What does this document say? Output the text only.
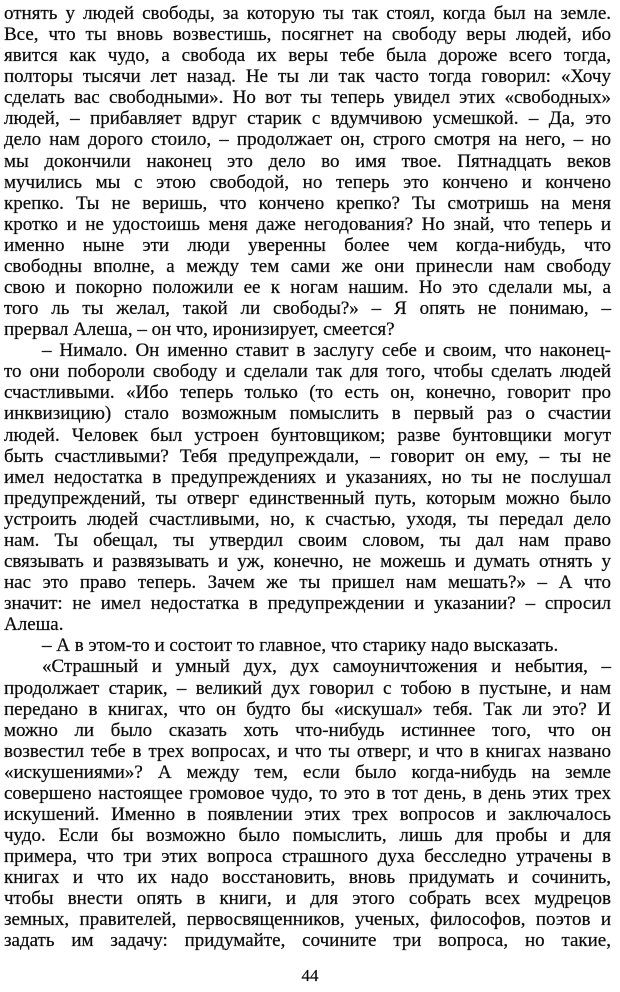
отнять у людей свободы, за которую ты так стоял, когда был на земле.
Все, что ты вновь возвестишь, посягнет на свободу веры людей, ибо
явится как чудо, а свобода их веры тебе была дороже всего тогда,
полторы тысячи лет назад. Не ты ли так часто тогда говорил: «Хочу
сделать вас свободными». Но вот ты теперь увидел этих «свободных»
людей, – прибавляет вдруг старик с вдумчивою усмешкой. – Да, это
дело нам дорого стоило, – продолжает он, строго смотря на него, – но
мы докончили наконец это дело во имя твое. Пятнадцать веков
мучились мы с этою свободой, но теперь это кончено и кончено
крепко. Ты не веришь, что кончено крепко? Ты смотришь на меня
кротко и не удостоишь меня даже негодования? Но знай, что теперь и
именно ныне эти люди уверенны более чем когда-нибудь, что
свободны вполне, а между тем сами же они принесли нам свободу
свою и покорно положили ее к ногам нашим. Но это сделали мы, а
того ль ты желал, такой ли свободы?» – Я опять не понимаю, –
прервал Алеша, – он что, иронизирует, смеется?
– Нимало. Он именно ставит в заслугу себе и своим, что наконец-
то они побороли свободу и сделали так для того, чтобы сделать людей
счастливыми. «Ибо теперь только (то есть он, конечно, говорит про
инквизицию) стало возможным помыслить в первый раз о счастии
людей. Человек был устроен бунтовщиком; разве бунтовщики могут
быть счастливыми? Тебя предупреждали, – говорит он ему, – ты не
имел недостатка в предупреждениях и указаниях, но ты не послушал
предупреждений, ты отверг единственный путь, которым можно было
устроить людей счастливыми, но, к счастью, уходя, ты передал дело
нам. Ты обещал, ты утвердил своим словом, ты дал нам право
связывать и развязывать и уж, конечно, не можешь и думать отнять у
нас это право теперь. Зачем же ты пришел нам мешать?» – А что
значит: не имел недостатка в предупреждении и указании? – спросил
Алеша.
– А в этом-то и состоит то главное, что старику надо высказать.
«Страшный и умный дух, дух самоуничтожения и небытия, –
продолжает старик, – великий дух говорил с тобою в пустыне, и нам
передано в книгах, что он будто бы «искушал» тебя. Так ли это? И
можно ли было сказать хоть что-нибудь истиннее того, что он
возвестил тебе в трех вопросах, и что ты отверг, и что в книгах названо
«искушениями»? А между тем, если было когда-нибудь на земле
совершено настоящее громовое чудо, то это в тот день, в день этих трех
искушений. Именно в появлении этих трех вопросов и заключалось
чудо. Если бы возможно было помыслить, лишь для пробы и для
примера, что три этих вопроса страшного духа бесследно утрачены в
книгах и что их надо восстановить, вновь придумать и сочинить,
чтобы внести опять в книги, и для этого собрать всех мудрецов
земных, правителей, первосвященников, ученых, философов, поэтов и
задать им задачу: придумайте, сочините три вопроса, но такие,
44
